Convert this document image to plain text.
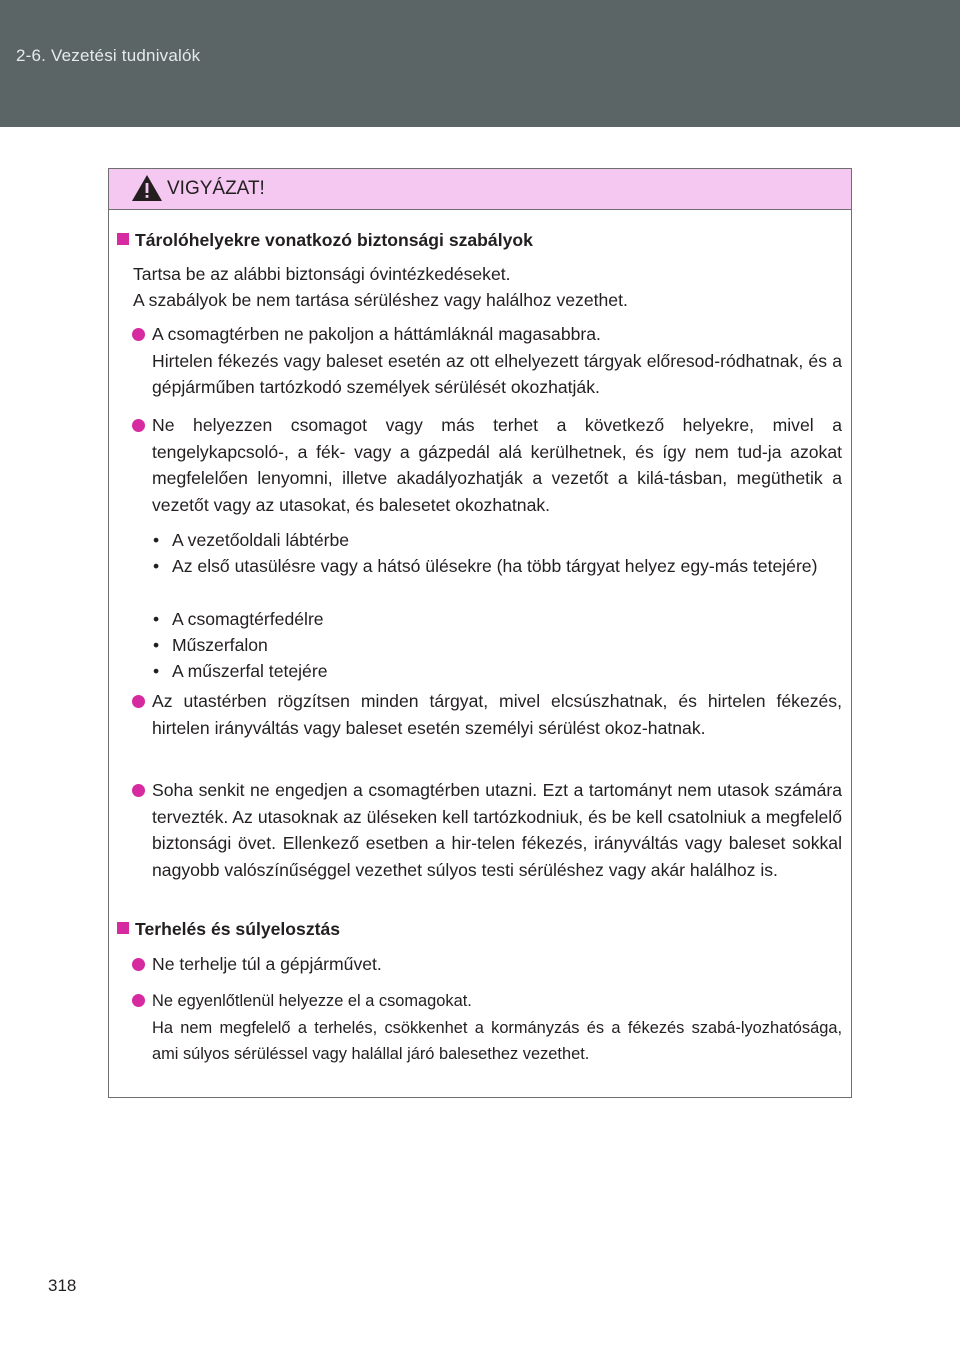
2-6. Vezetési tudnivalók
VIGYÁZAT!
Tárolóhelyekre vonatkozó biztonsági szabályok
Tartsa be az alábbi biztonsági óvintézkedéseket.
A szabályok be nem tartása sérüléshez vagy halálhoz vezethet.
A csomagtérben ne pakoljon a háttámláknál magasabbra.
Hirtelen fékezés vagy baleset esetén az ott elhelyezett tárgyak előresod-ródhatnak, és a gépjárműben tartózkodó személyek sérülését okozhatják.
Ne helyezzen csomagot vagy más terhet a következő helyekre, mivel a tengelykapcsoló-, a fék- vagy a gázpedál alá kerülhetnek, és így nem tud-ja azokat megfelelően lenyomni, illetve akadályozhatják a vezetőt a kilá-tásban, megüthetik a vezetőt vagy az utasokat, és balesetet okozhatnak.
• A vezetőoldali lábtérbe
• Az első utasülésre vagy a hátsó ülésekre (ha több tárgyat helyez egy-más tetejére)
• A csomagtérfedélre
• Műszerfalon
• A műszerfal tetejére
Az utastérben rögzítsen minden tárgyat, mivel elcsúszhatnak, és hirtelen fékezés, hirtelen irányváltás vagy baleset esetén személyi sérülést okoz-hatnak.
Soha senkit ne engedjen a csomagtérben utazni. Ezt a tartományt nem utasok számára tervezték. Az utasoknak az üléseken kell tartózkodniuk, és be kell csatolniuk a megfelelő biztonsági övet. Ellenkező esetben a hir-telen fékezés, irányváltás vagy baleset sokkal nagyobb valószínűséggel vezethet súlyos testi sérüléshez vagy akár halálhoz is.
Terhelés és súlyelosztás
Ne terhelje túl a gépjárművet.
Ne egyenlőtlenül helyezze el a csomagokat.
Ha nem megfelelő a terhelés, csökkenhet a kormányzás és a fékezés szabá-lyozhatósága, ami súlyos sérüléssel vagy halállal járó balesethez vezethet.
318
